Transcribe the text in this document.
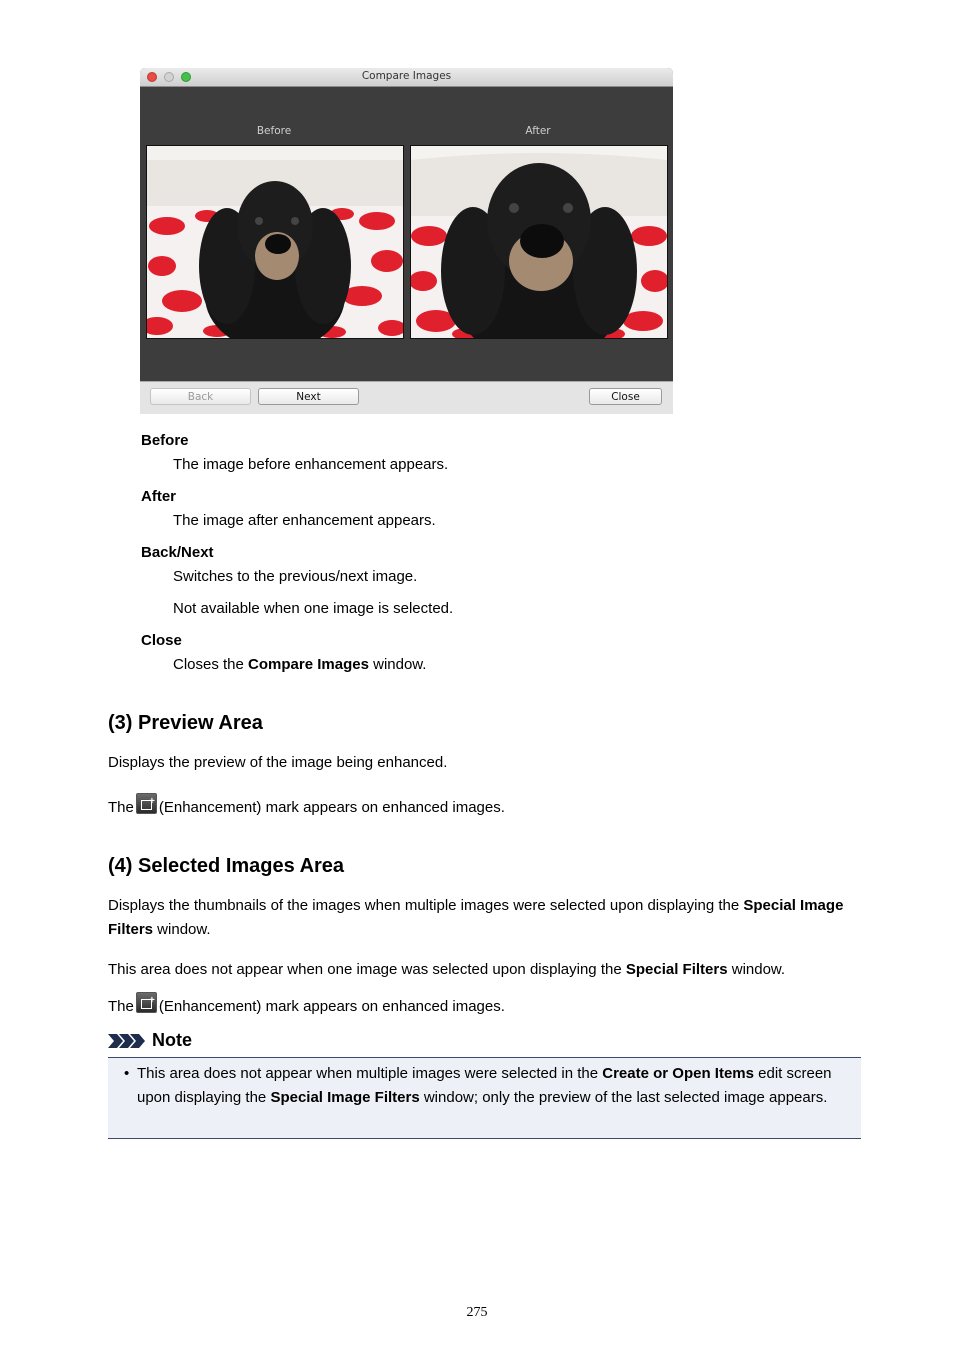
Compare Images
Before	After
Back	Next	Close
Before
The image before enhancement appears.
After
The image after enhancement appears.
Back/Next
Switches to the previous/next image.
Not available when one image is selected.
Close
Closes the Compare Images window.
(3) Preview Area
Displays the preview of the image being enhanced.
The + (Enhancement) mark appears on enhanced images.
(4) Selected Images Area
Displays the thumbnails of the images when multiple images were selected upon displaying the Special Image Filters window.
This area does not appear when one image was selected upon displaying the Special Filters window.
The + (Enhancement) mark appears on enhanced images.
Note
• This area does not appear when multiple images were selected in the Create or Open Items edit screen upon displaying the Special Image Filters window; only the preview of the last selected image appears.
275
